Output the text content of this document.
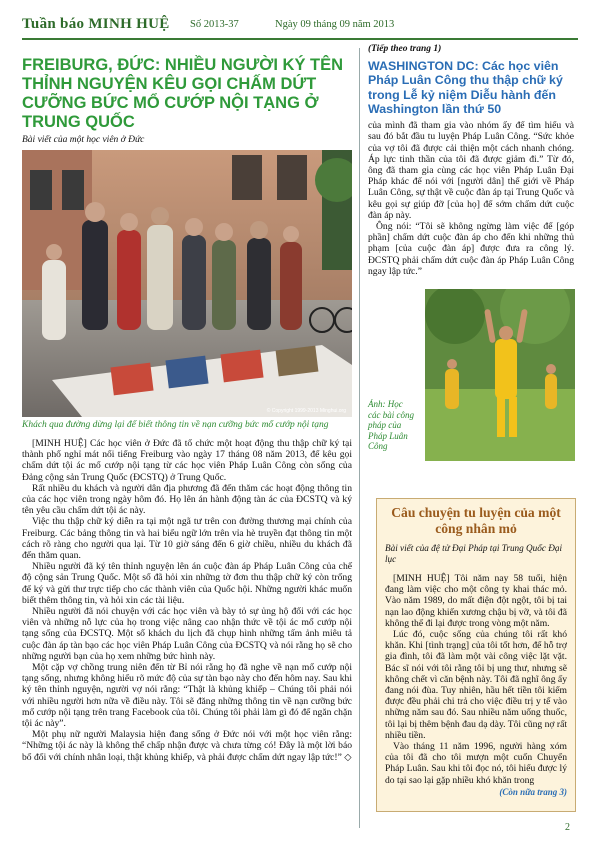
Tuần báo MINH HUỆ Số 2013-37	Ngày 09 tháng 09 năm 2013
FREIBURG, ĐỨC: NHIỀU NGƯỜI KÝ TÊN THỈNH NGUYỆN KÊU GỌI CHẤM DỨT CƯỠNG BỨC MỔ CƯỚP NỘI TẠNG Ở TRUNG QUỐC
Bài viết của một học viên ở Đức
© Copyright 1999-2013 Minghui.org
Khách qua đường dừng lại để biết thông tin về nạn cưỡng bức mổ cướp nội tạng

[MINH HUỆ] Các học viên ở Đức đã tổ chức một hoạt động thu thập chữ ký tại thành phố nghỉ mát nổi tiếng Freiburg vào ngày 17 tháng 08 năm 2013, để kêu gọi chấm dứt tội ác mổ cướp nội tạng từ các học viên Pháp Luân Công còn sống của Đảng cộng sản Trung Quốc (ĐCSTQ) ở Trung Quốc.

Rất nhiều du khách và người dân địa phương đã đến thăm các hoạt động thông tin của các học viên trong ngày hôm đó. Họ lên án hành động tàn ác của ĐCSTQ và ký tên yêu cầu chấm dứt tội ác này.

Việc thu thập chữ ký diễn ra tại một ngã tư trên con đường thương mại chính của Freiburg. Các bảng thông tin và hai biểu ngữ lớn trên vỉa hè truyền đạt thông tin một cách rõ ràng cho người qua lại. Từ 10 giờ sáng đến 6 giờ chiều, nhiều du khách đã đến thăm quan.

Nhiều người đã ký tên thỉnh nguyện lên án cuộc đàn áp Pháp Luân Công của chế độ cộng sản Trung Quốc. Một số đã hỏi xin những tờ đơn thu thập chữ ký còn trống để ký và gửi thư trực tiếp cho các thành viên của Quốc hội. Những người khác muốn biết thêm thông tin, và hỏi xin các tài liệu.

Nhiều người đã nói chuyện với các học viên và bày tỏ sự ủng hộ đối với các học viên và những nỗ lực của họ trong việc nâng cao nhận thức về tội ác mổ cướp nội tạng sống của ĐCSTQ. Một số khách du lịch đã chụp hình những tấm ảnh miêu tả cuộc đàn áp tàn bạo các học viên Pháp Luân Công của ĐCSTQ và nói rằng họ sẽ cho những người bạn của họ xem những bức hình này.

Một cặp vợ chồng trung niên đến từ Bỉ nói rằng họ đã nghe về nạn mổ cướp nội tạng sống, nhưng không hiểu rõ mức độ của sự tàn bạo này cho đến hôm nay. Sau khi ký tên thỉnh nguyện, người vợ nói rằng: “Thật là khủng khiếp – Chúng tôi phải nói với nhiều người hơn nữa về điều này. Tôi sẽ đăng những thông tin về nạn cưỡng bức mổ cướp nội tạng trên trang Facebook của tôi. Chúng tôi phải làm gì đó để ngăn chặn tội ác này”.

Một phụ nữ người Malaysia hiện đang sống ở Đức nói với một học viên rằng: “Những tội ác này là không thể chấp nhận được và chưa từng có! Đây là một lời báo bổ đối với chính nhân loại, thật khủng khiếp, và phải được chấm dứt ngay lập tức!” ◇

(Tiếp theo trang 1)
WASHINGTON DC: Các học viên Pháp Luân Công thu thập chữ ký trong Lễ kỷ niệm Diễu hành đến Washington lần thứ 50

của mình đã tham gia vào nhóm ấy để tìm hiểu và sau đó bắt đầu tu luyện Pháp Luân Công. “Sức khỏe của vợ tôi đã được cải thiện một cách nhanh chóng. Áp lực tinh thần của tôi đã được giảm đi.” Từ đó, ông đã tham gia cùng các học viên Pháp Luân Đại Pháp khác để nói với [người dân] thế giới về Pháp Luân Công, sự thật về cuộc đàn áp tại Trung Quốc và kêu gọi sự giúp đỡ [của họ] để sớm chấm dứt cuộc đàn áp này.

Ông nói: “Tôi sẽ không ngừng làm việc để [góp phần] chấm dứt cuộc đàn áp cho đến khi những thủ phạm [của cuộc đàn áp] được đưa ra công lý. ĐCSTQ phải chấm dứt cuộc đàn áp Pháp Luân Công ngay lập tức.”

Ảnh: Học các bài công pháp của Pháp Luân Công
Câu chuyện tu luyện của một công nhân mỏ
Bài viết của đệ tử Đại Pháp tại Trung Quốc Đại lục

[MINH HUỆ] Tôi năm nay 58 tuổi, hiện đang làm việc cho một công ty khai thác mỏ. Vào năm 1989, do mất điện đột ngột, tôi bị tai nạn lao động khiến xương chậu bị vỡ, và tôi đã không thể đi lại được trong vòng một năm.

Lúc đó, cuộc sống của chúng tôi rất khó khăn. Khi [tình trạng] của tôi tốt hơn, để hỗ trợ gia đình, tôi đã làm một vài công việc lặt vặt. Bác sĩ nói với tôi rằng tôi bị ung thư, nhưng sẽ không chết vì căn bệnh này. Tôi đã nghĩ ông ấy đang nói đùa. Tuy nhiên, hầu hết tiền tôi kiếm được đều phải chi trả cho việc điều trị y tế vào những năm sau đó. Sau nhiều năm uống thuốc, tôi lại bị thêm bệnh đau dạ dày. Tôi cũng nợ rất nhiều tiền.

Vào tháng 11 năm 1996, người hàng xóm của tôi đã cho tôi mượn một cuốn Chuyển Pháp Luân. Sau khi tôi đọc nó, tôi hiểu được lý do tại sao lại gặp nhiều khó khăn trong

(Còn nữa trang 3)
2
